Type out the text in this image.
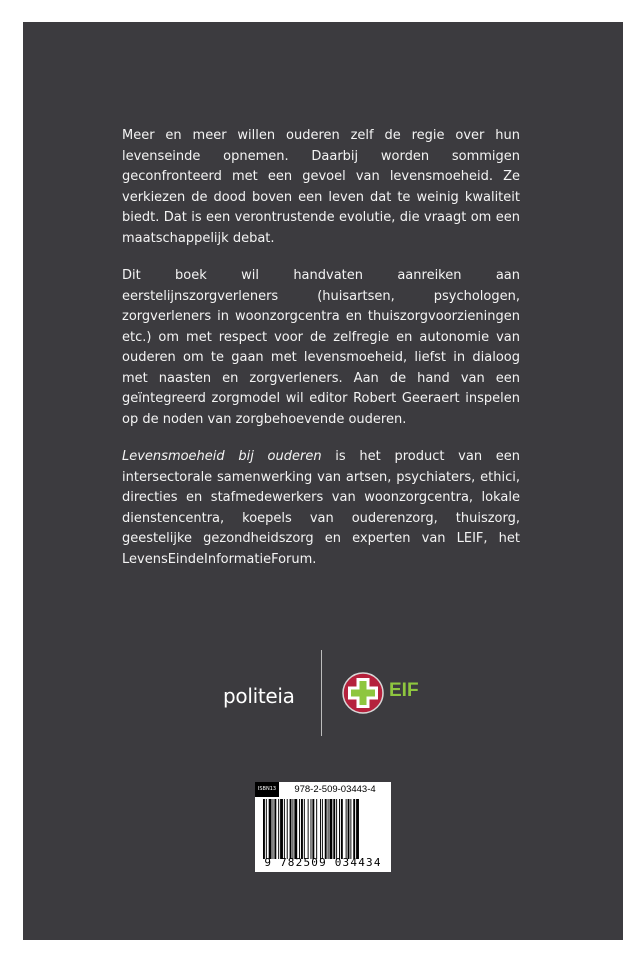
Meer en meer willen ouderen zelf de regie over hun levenseinde opnemen. Daarbij worden sommigen geconfronteerd met een gevoel van levensmoeheid. Ze verkiezen de dood boven een leven dat te weinig kwaliteit biedt. Dat is een verontrustende evolutie, die vraagt om een maatschappelijk debat.

Dit boek wil handvaten aanreiken aan eerstelijnszorgverleners (huisartsen, psychologen, zorgverleners in woonzorgcentra en thuiszorgvoorzieningen etc.) om met respect voor de zelfregie en autonomie van ouderen om te gaan met levensmoeheid, liefst in dialoog met naasten en zorgverleners. Aan de hand van een geïntegreerd zorgmodel wil editor Robert Geeraert inspelen op de noden van zorgbehoevende ouderen.

Levensmoeheid bij ouderen is het product van een intersectorale samenwerking van artsen, psychiaters, ethici, directies en stafmedewerkers van woonzorgcentra, lokale dienstencentra, koepels van ouderenzorg, thuiszorg, geestelijke gezondheidszorg en experten van LEIF, het LevensEindeInformatieForum.

politeia	EIF
ISBN13	978-2-509-03443-4
9 782509 034434
